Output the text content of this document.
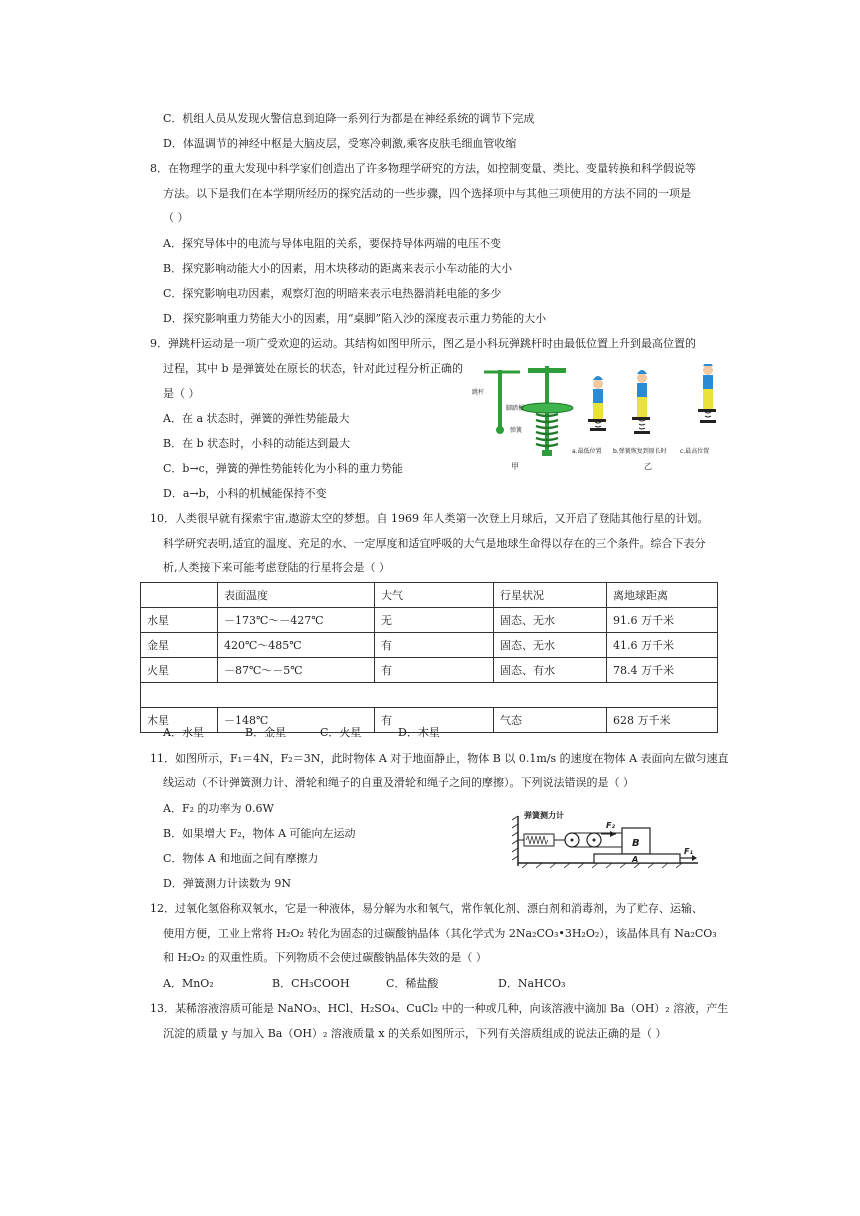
C．机组人员从发现火警信息到迫降一系列行为都是在神经系统的调节下完成
D．体温调节的神经中枢是大脑皮层，受寒冷刺激,乘客皮肤毛细血管收缩
8．在物理学的重大发现中科学家们创造出了许多物理学研究的方法，如控制变量、类比、变量转换和科学假说等
方法。以下是我们在本学期所经历的探究活动的一些步骤，四个选择项中与其他三项使用的方法不同的一项是
（ ）
A．探究导体中的电流与导体电阻的关系，要保持导体两端的电压不变
B．探究影响动能大小的因素，用木块移动的距离来表示小车动能的大小
C．探究影响电功因素，观察灯泡的明暗来表示电热器消耗电能的多少
D．探究影响重力势能大小的因素，用“桌脚”陷入沙的深度表示重力势能的大小
9．弹跳杆运动是一项广受欢迎的运动。其结构如图甲所示，图乙是小科玩弹跳杆时由最低位置上升到最高位置的
过程，其中 b 是弹簧处在原长的状态，针对此过程分析正确的
是（ ）
A．在 a 状态时，弹簧的弹性势能最大
B．在 b 状态时，小科的动能达到最大
C．b→c，弹簧的弹性势能转化为小科的重力势能
D．a→b，小科的机械能保持不变
跳杆
脚踏板
弹簧
甲
a.最低位置 b.弹簧恢复到原长时 c.最高位置
乙
10．人类很早就有探索宇宙,遨游太空的梦想。自 1969 年人类第一次登上月球后，又开启了登陆其他行星的计划。
科学研究表明,适宜的温度、充足的水、一定厚度和适宜呼吸的大气是地球生命得以存在的三个条件。综合下表分
析,人类接下来可能考虑登陆的行星将会是（ ）
	表面温度	大气	行星状况	离地球距离
水星	－173℃～－427℃	无	固态、无水	91.6 万千米
金星	420℃～485℃	有	固态、无水	41.6 万千米
火星	－87℃～－5℃	有	固态、有水	78.4 万千米

木星	－148℃	有	气态	628 万千米
A．水星	B．金星	C．火星	D．木星
11．如图所示，F₁＝4N，F₂＝3N，此时物体 A 对于地面静止，物体 B 以 0.1m/s 的速度在物体 A 表面向左做匀速直
线运动（不计弹簧测力计、滑轮和绳子的自重及滑轮和绳子之间的摩擦）。下列说法错误的是（ ）
A．F₂ 的功率为 0.6W
B．如果增大 F₂，物体 A 可能向左运动
C．物体 A 和地面之间有摩擦力
D．弹簧测力计读数为 9N
弹簧测力计
F₂
B
A
F₁
12．过氧化氢俗称双氧水，它是一种液体，易分解为水和氧气，常作氧化剂、漂白剂和消毒剂，为了贮存、运输、
使用方便，工业上常将 H₂O₂ 转化为固态的过碳酸钠晶体（其化学式为 2Na₂CO₃•3H₂O₂），该晶体具有 Na₂CO₃
和 H₂O₂ 的双重性质。下列物质不会使过碳酸钠晶体失效的是（ ）
A．MnO₂	B．CH₃COOH	C．稀盐酸	D．NaHCO₃
13．某稀溶液溶质可能是 NaNO₃、HCl、H₂SO₄、CuCl₂ 中的一种或几种，向该溶液中滴加 Ba（OH）₂ 溶液，产生
沉淀的质量 y 与加入 Ba（OH）₂ 溶液质量 x 的关系如图所示，下列有关溶质组成的说法正确的是（ ）
